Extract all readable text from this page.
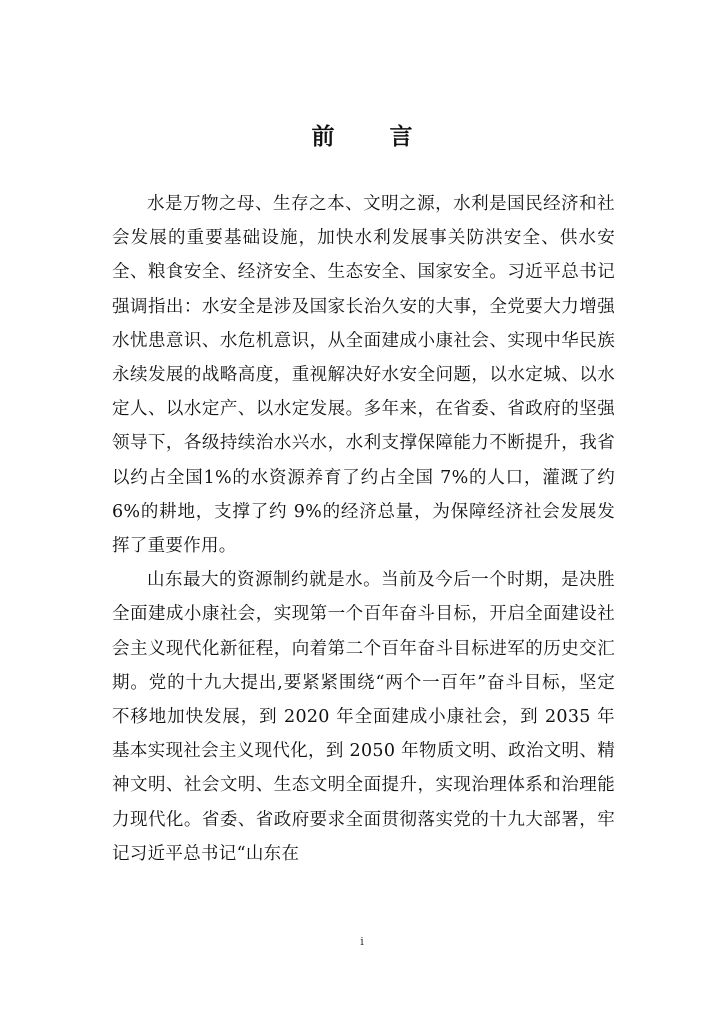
前言

水是万物之母、生存之本、文明之源，水利是国民经济和社会发展的重要基础设施，加快水利发展事关防洪安全、供水安全、粮食安全、经济安全、生态安全、国家安全。习近平总书记强调指出：水安全是涉及国家长治久安的大事，全党要大力增强水忧患意识、水危机意识，从全面建成小康社会、实现中华民族永续发展的战略高度，重视解决好水安全问题，以水定城、以水定人、以水定产、以水定发展。多年来，在省委、省政府的坚强领导下，各级持续治水兴水，水利支撑保障能力不断提升，我省以约占全国1%的水资源养育了约占全国 7%的人口，灌溉了约 6%的耕地，支撑了约 9%的经济总量，为保障经济社会发展发挥了重要作用。

山东最大的资源制约就是水。当前及今后一个时期，是决胜全面建成小康社会，实现第一个百年奋斗目标，开启全面建设社会主义现代化新征程，向着第二个百年奋斗目标进军的历史交汇期。党的十九大提出,要紧紧围绕“两个一百年”奋斗目标，坚定不移地加快发展，到 2020 年全面建成小康社会，到 2035 年基本实现社会主义现代化，到 2050 年物质文明、政治文明、精神文明、社会文明、生态文明全面提升，实现治理体系和治理能力现代化。省委、省政府要求全面贯彻落实党的十九大部署，牢记习近平总书记“山东在

i
